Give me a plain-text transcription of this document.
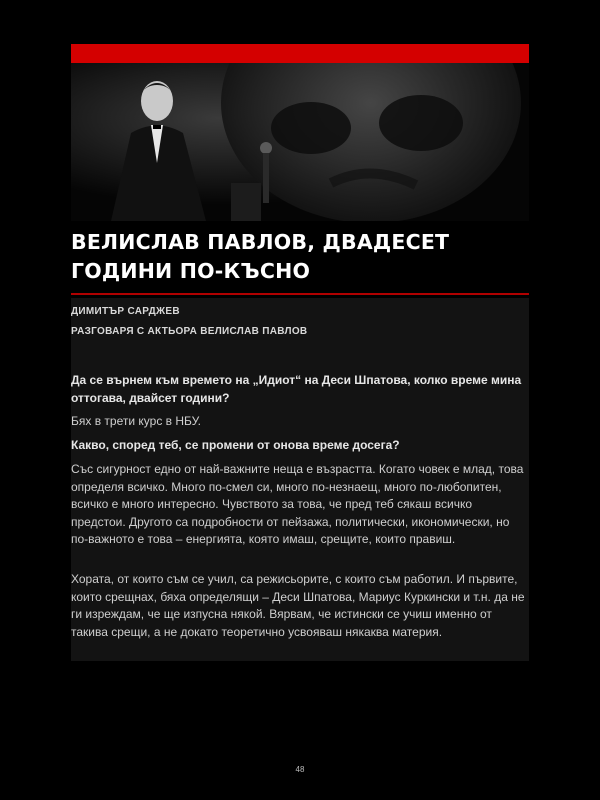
ВЕЛИСЛАВ ПАВЛОВ, ДВАДЕСЕТ ГОДИНИ ПО-КЪСНО
ДИМИТЪР САРДЖЕВ
РАЗГОВАРЯ С АКТЬОРА ВЕЛИСЛАВ ПАВЛОВ

Да се върнем към времето на „Идиот“ на Деси Шпатова, колко време мина оттогава, двайсет години?

Бях в трети курс в НБУ.

Какво, според теб, се промени от онова време досега?

Със сигурност едно от най-важните неща е възрастта. Когато човек е млад, това определя всичко. Много по-смел си, много по-незнаещ, много по-любопитен, всичко е много интересно. Чувството за това, че пред теб сякаш всичко предстои. Другото са подробности от пейзажа, политически, икономически, но по-важното е това – енергията, която имаш, срещите, които правиш.

Хората, от които съм се учил, са режисьорите, с които съм работил. И първите, които срещнах, бяха определящи – Деси Шпатова, Мариус Куркински и т.н. да не ги изреждам, че ще изпусна някой. Вярвам, че истински се учиш именно от такива срещи, а не докато теоретично усвояваш някаква материя.

48
